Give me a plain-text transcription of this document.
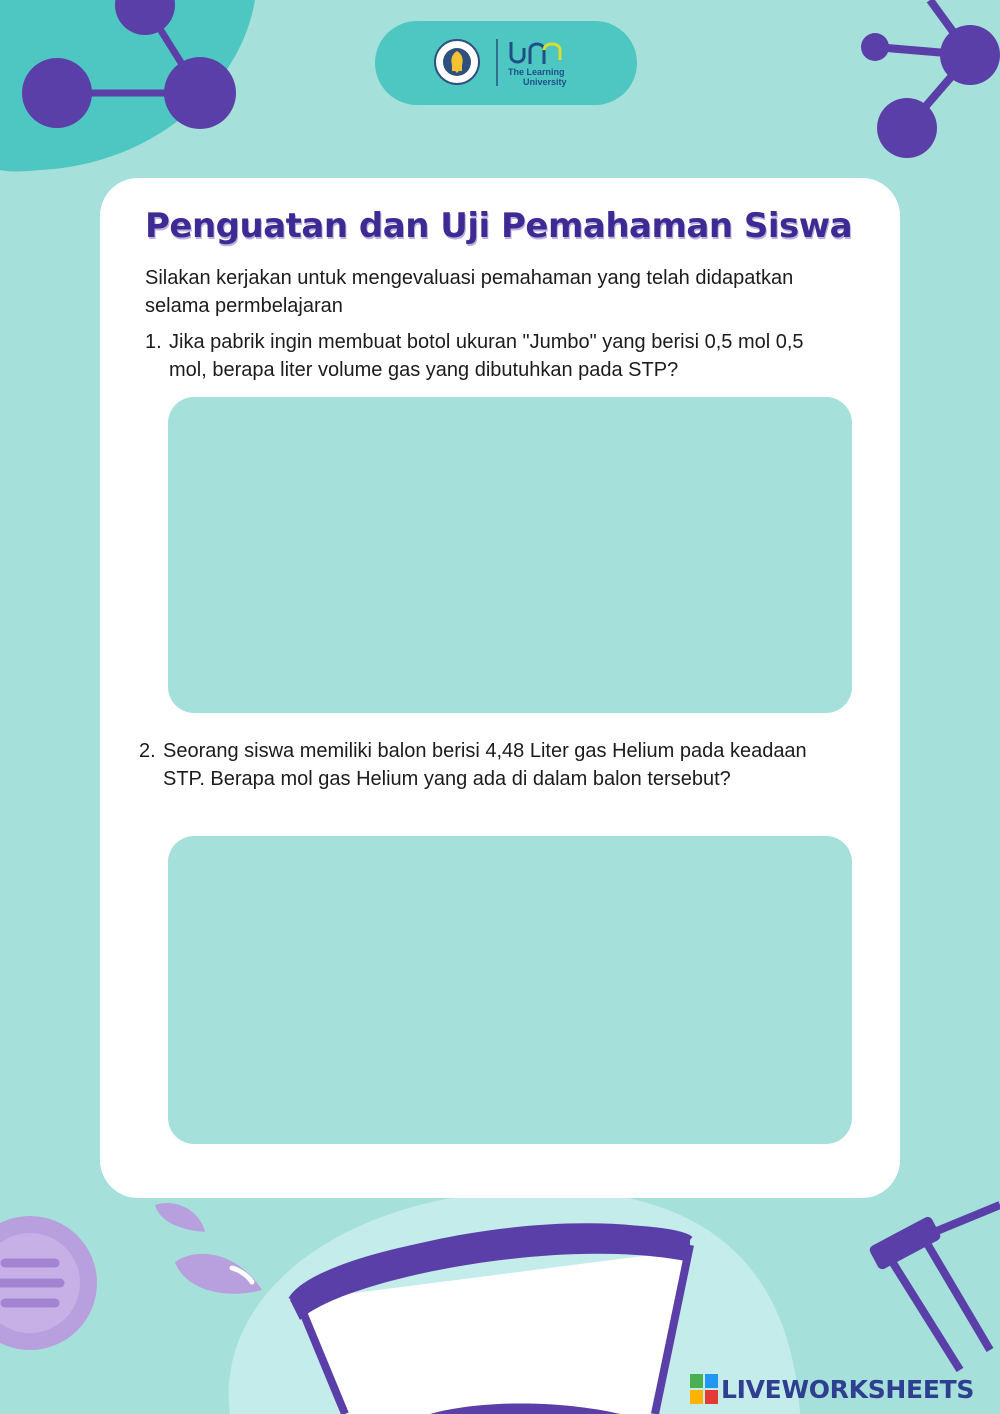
The Learning
University
Penguatan dan Uji Pemahaman Siswa
Silakan kerjakan untuk mengevaluasi pemahaman yang telah didapatkan selama permbelajaran
1. Jika pabrik ingin membuat botol ukuran "Jumbo" yang berisi 0,5 mol 0,5 mol, berapa liter volume gas yang dibutuhkan pada STP?
2. Seorang siswa memiliki balon berisi 4,48 Liter gas Helium pada keadaan STP. Berapa mol gas Helium yang ada di dalam balon tersebut?
LIVEWORKSHEETS
